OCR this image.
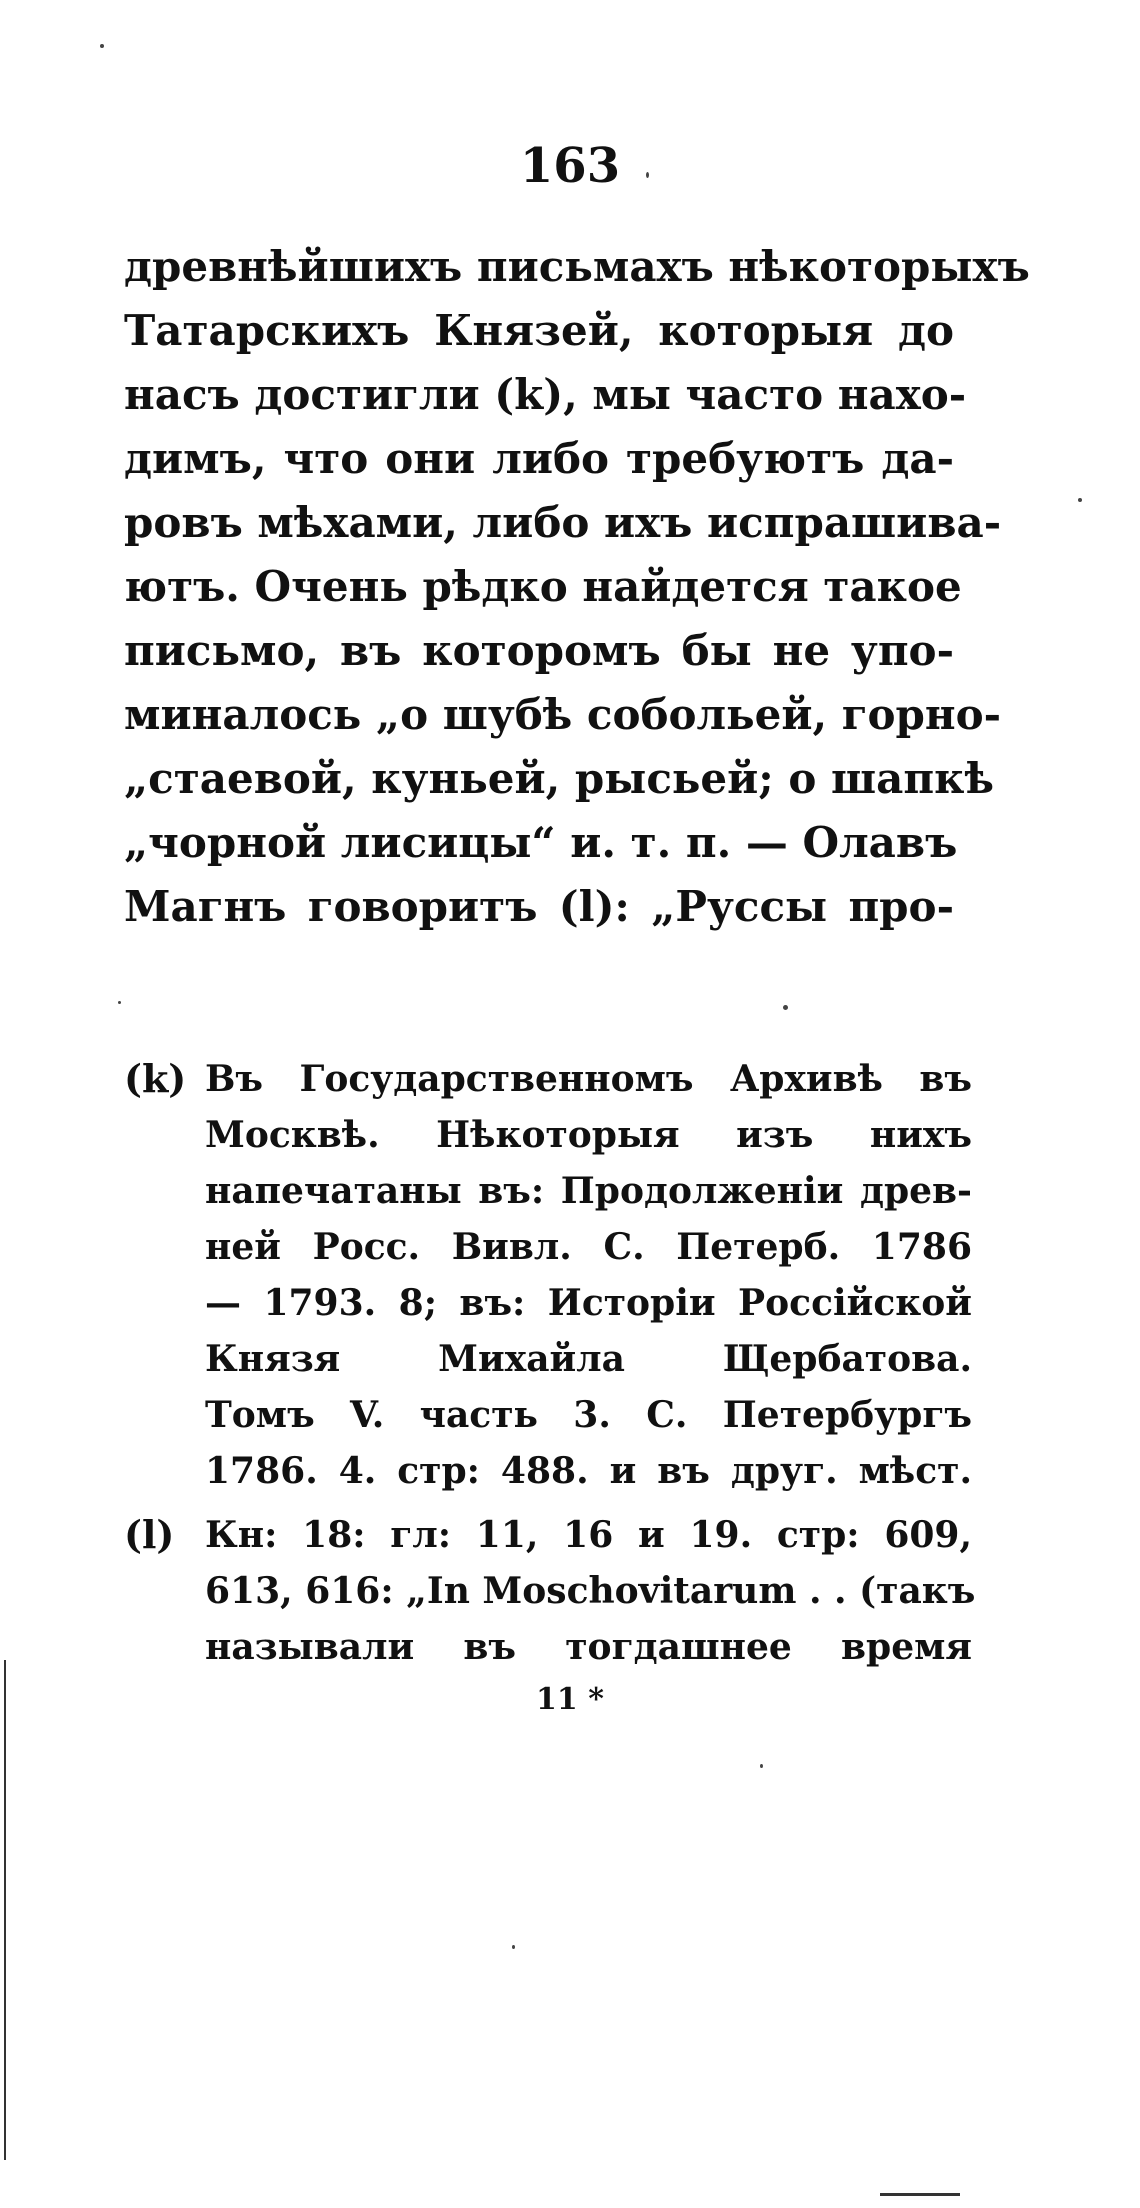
163
древнѣйшихъ письмахъ нѣкоторыхъ
Татарскихъ Князей, которыя до
насъ достигли (k), мы часто нахо-
димъ, что они либо требуютъ да-
ровъ мѣхами, либо ихъ испрашива-
ютъ. Очень рѣдко найдется такое
письмо, въ которомъ бы не упо-
миналось „о шубѣ собольей, горно-
„стаевой, куньей, рысьей; о шапкѣ
„чорной лисицы“ и. т. п. — Олавъ
Магнъ говоритъ (l): „Руссы про-
(k) Въ Государственномъ Архивѣ въ
Москвѣ. Нѣкоторыя изъ нихъ
напечатаны въ: Продолженіи древ-
ней Росс. Вивл. С. Петерб. 1786
— 1793. 8; въ: Исторіи Россійской
Князя Михайла Щербатова.
Томъ V. часть 3. С. Петербургъ
1786. 4. стр: 488. и въ друг. мѣст.
(l) Кн: 18: гл: 11, 16 и 19. стр: 609,
613, 616: „In Moschovitarum . . (такъ
называли въ тогдашнее время
11 *
